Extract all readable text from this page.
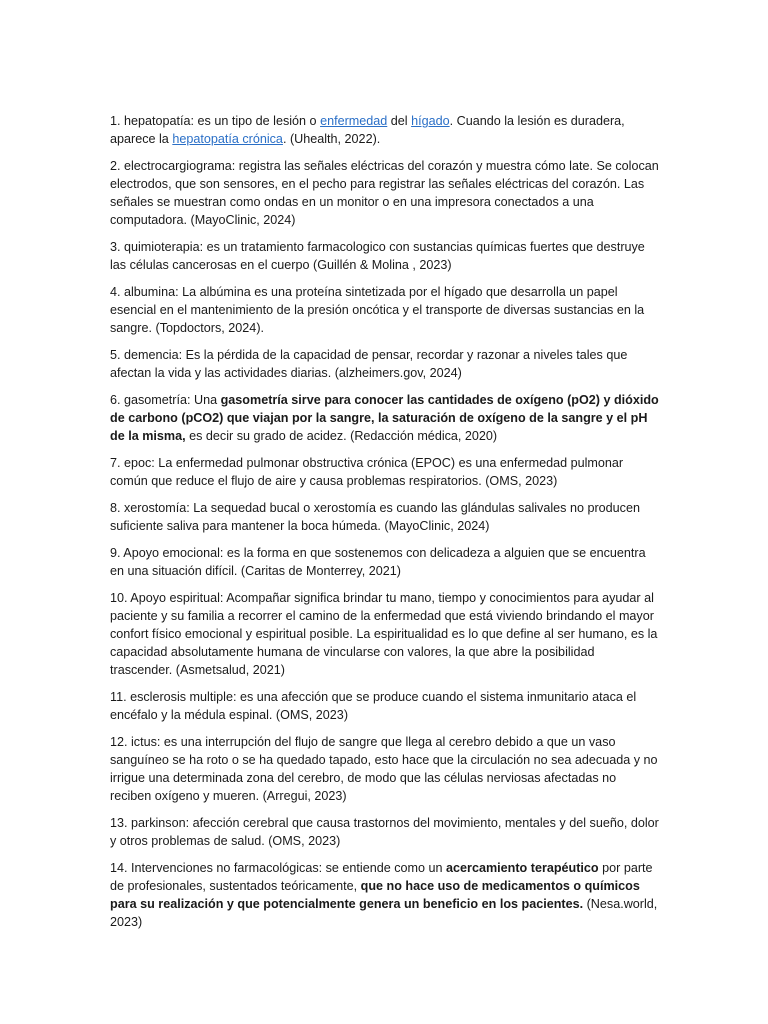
1. hepatopatía: es un tipo de lesión o enfermedad del hígado. Cuando la lesión es duradera, aparece la hepatopatía crónica. (Uhealth, 2022).

2. electrocargiograma: registra las señales eléctricas del corazón y muestra cómo late. Se colocan electrodos, que son sensores, en el pecho para registrar las señales eléctricas del corazón. Las señales se muestran como ondas en un monitor o en una impresora conectados a una computadora. (MayoClinic, 2024)

3. quimioterapia: es un tratamiento farmacologico con sustancias químicas fuertes que destruye las células cancerosas en el cuerpo (Guillén & Molina , 2023)

4. albumina: La albúmina es una proteína sintetizada por el hígado que desarrolla un papel esencial en el mantenimiento de la presión oncótica y el transporte de diversas sustancias en la sangre. (Topdoctors, 2024).

5. demencia: Es la pérdida de la capacidad de pensar, recordar y razonar a niveles tales que afectan la vida y las actividades diarias. (alzheimers.gov, 2024)

6. gasometría: Una gasometría sirve para conocer las cantidades de oxígeno (pO2) y dióxido de carbono (pCO2) que viajan por la sangre, la saturación de oxígeno de la sangre y el pH de la misma, es decir su grado de acidez. (Redacción médica, 2020)

7. epoc: La enfermedad pulmonar obstructiva crónica (EPOC) es una enfermedad pulmonar común que reduce el flujo de aire y causa problemas respiratorios. (OMS, 2023)

8. xerostomía: La sequedad bucal o xerostomía es cuando las glándulas salivales no producen suficiente saliva para mantener la boca húmeda. (MayoClinic, 2024)

9. Apoyo emocional: es la forma en que sostenemos con delicadeza a alguien que se encuentra en una situación difícil. (Caritas de Monterrey, 2021)

10. Apoyo espiritual: Acompañar significa brindar tu mano, tiempo y conocimientos para ayudar al paciente y su familia a recorrer el camino de la enfermedad que está viviendo brindando el mayor confort físico emocional y espiritual posible. La espiritualidad es lo que define al ser humano, es la capacidad absolutamente humana de vincularse con valores, la que abre la posibilidad trascender. (Asmetsalud, 2021)

11. esclerosis multiple: es una afección que se produce cuando el sistema inmunitario ataca el encéfalo y la médula espinal. (OMS, 2023)

12. ictus: es una interrupción del flujo de sangre que llega al cerebro debido a que un vaso sanguíneo se ha roto o se ha quedado tapado, esto hace que la circulación no sea adecuada y no irrigue una determinada zona del cerebro, de modo que las células nerviosas afectadas no reciben oxígeno y mueren. (Arregui, 2023)

13. parkinson: afección cerebral que causa trastornos del movimiento, mentales y del sueño, dolor y otros problemas de salud. (OMS, 2023)

14. Intervenciones no farmacológicas: se entiende como un acercamiento terapéutico por parte de profesionales, sustentados teóricamente, que no hace uso de medicamentos o químicos para su realización y que potencialmente genera un beneficio en los pacientes. (Nesa.world, 2023)
